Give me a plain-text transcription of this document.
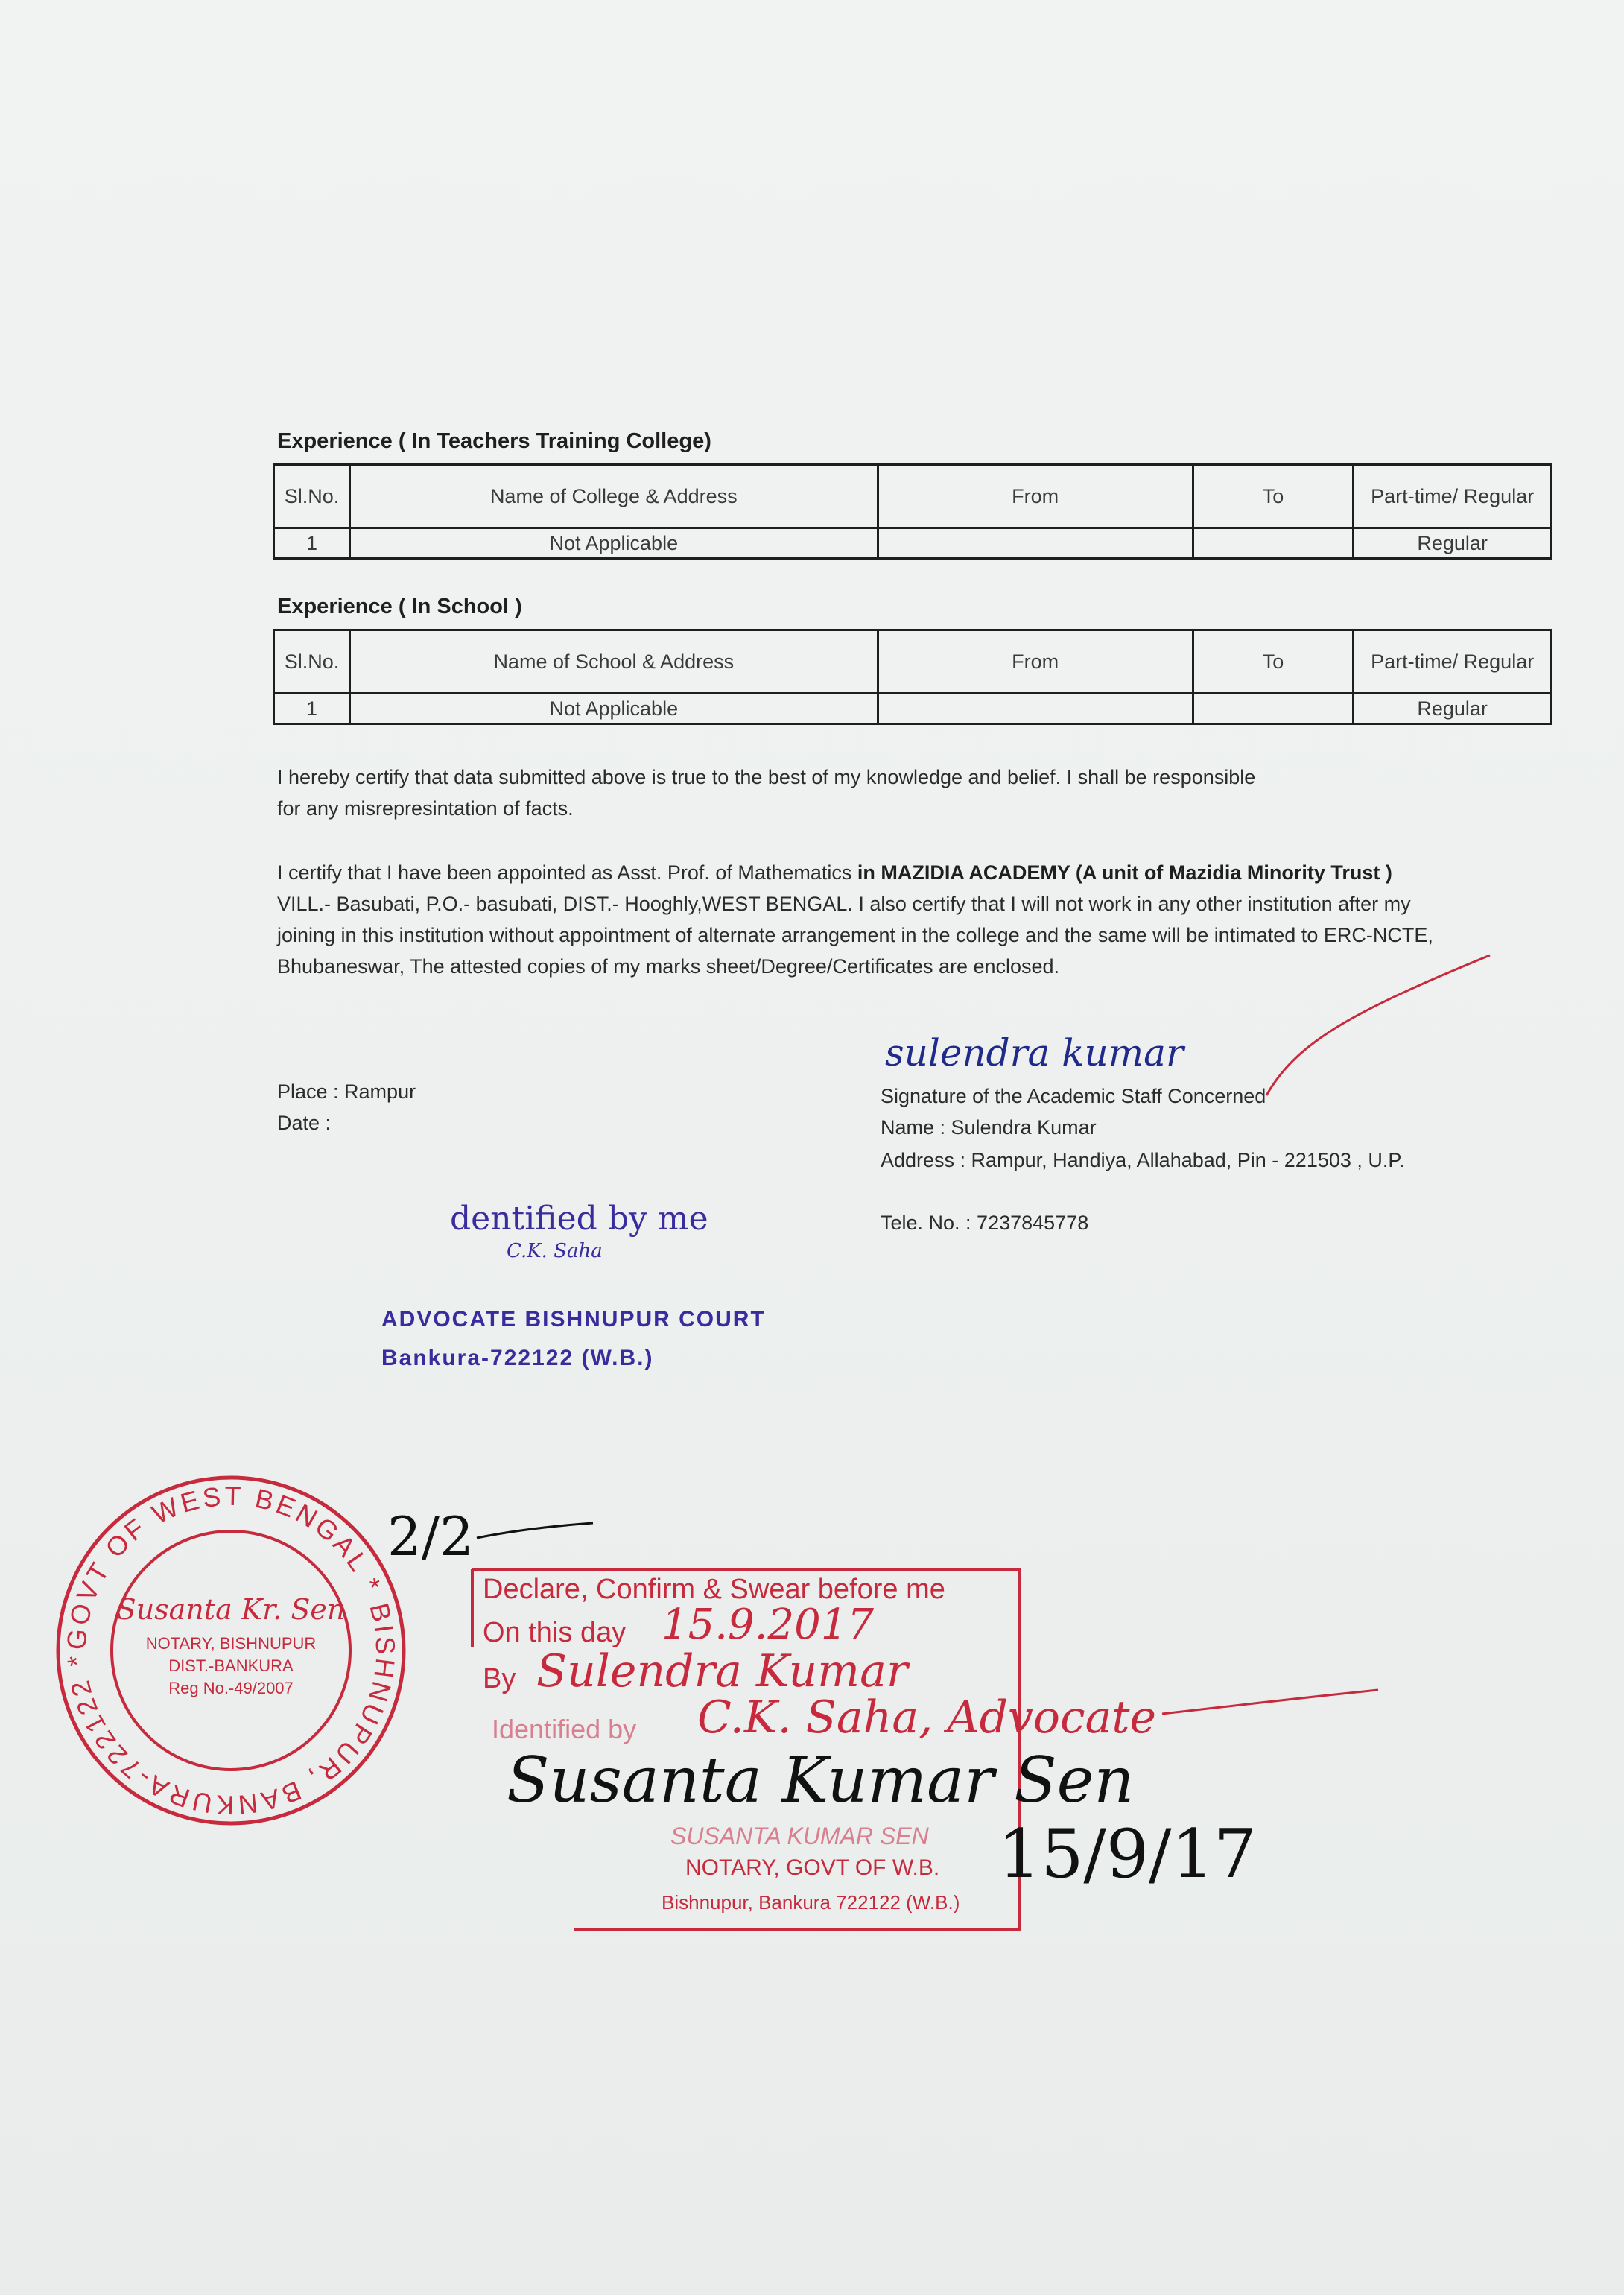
Experience ( In Teachers Training College)
Sl.No.	Name of College & Address	From	To	Part-time/ Regular
1	Not Applicable			Regular
Experience ( In School )
Sl.No.	Name of School & Address	From	To	Part-time/ Regular
1	Not Applicable			Regular
I hereby certify that data submitted above is true to the best of my knowledge and belief. I shall be responsible
for any misrepresintation of facts.
I certify that I have been appointed as Asst. Prof. of Mathematics in MAZIDIA ACADEMY (A unit of Mazidia Minority Trust ) VILL.- Basubati, P.O.- basubati, DIST.- Hooghly,WEST BENGAL. I also certify that I will not work in any other institution after my joining in this institution without appointment of alternate arrangement in the college and the same will be intimated to ERC-NCTE, Bhubaneswar, The attested copies of my marks sheet/Degree/Certificates are enclosed.
Place : Rampur
Date :
sulendra kumar
Signature of the Academic Staff Concerned
Name : Sulendra Kumar
Address : Rampur, Handiya, Allahabad, Pin - 221503 , U.P.
Tele. No. : 7237845778
dentified by me
C.K. Saha
ADVOCATE BISHNUPUR COURT
Bankura-722122 (W.B.)
GOVT OF WEST BENGAL * BISHNUPUR, BANKURA-722122 *
Susanta Kr. Sen
NOTARY, BISHNUPUR
DIST.-BANKURA
Reg No.-49/2007
2/2
Declare, Confirm & Swear before me
On this day 15.9.2017
By Sulendra Kumar
Identified by C.K. Saha, Advocate
Susanta Kumar Sen
SUSANTA KUMAR SEN
NOTARY, GOVT OF W.B.
Bishnupur, Bankura 722122 (W.B.)
15/9/17
